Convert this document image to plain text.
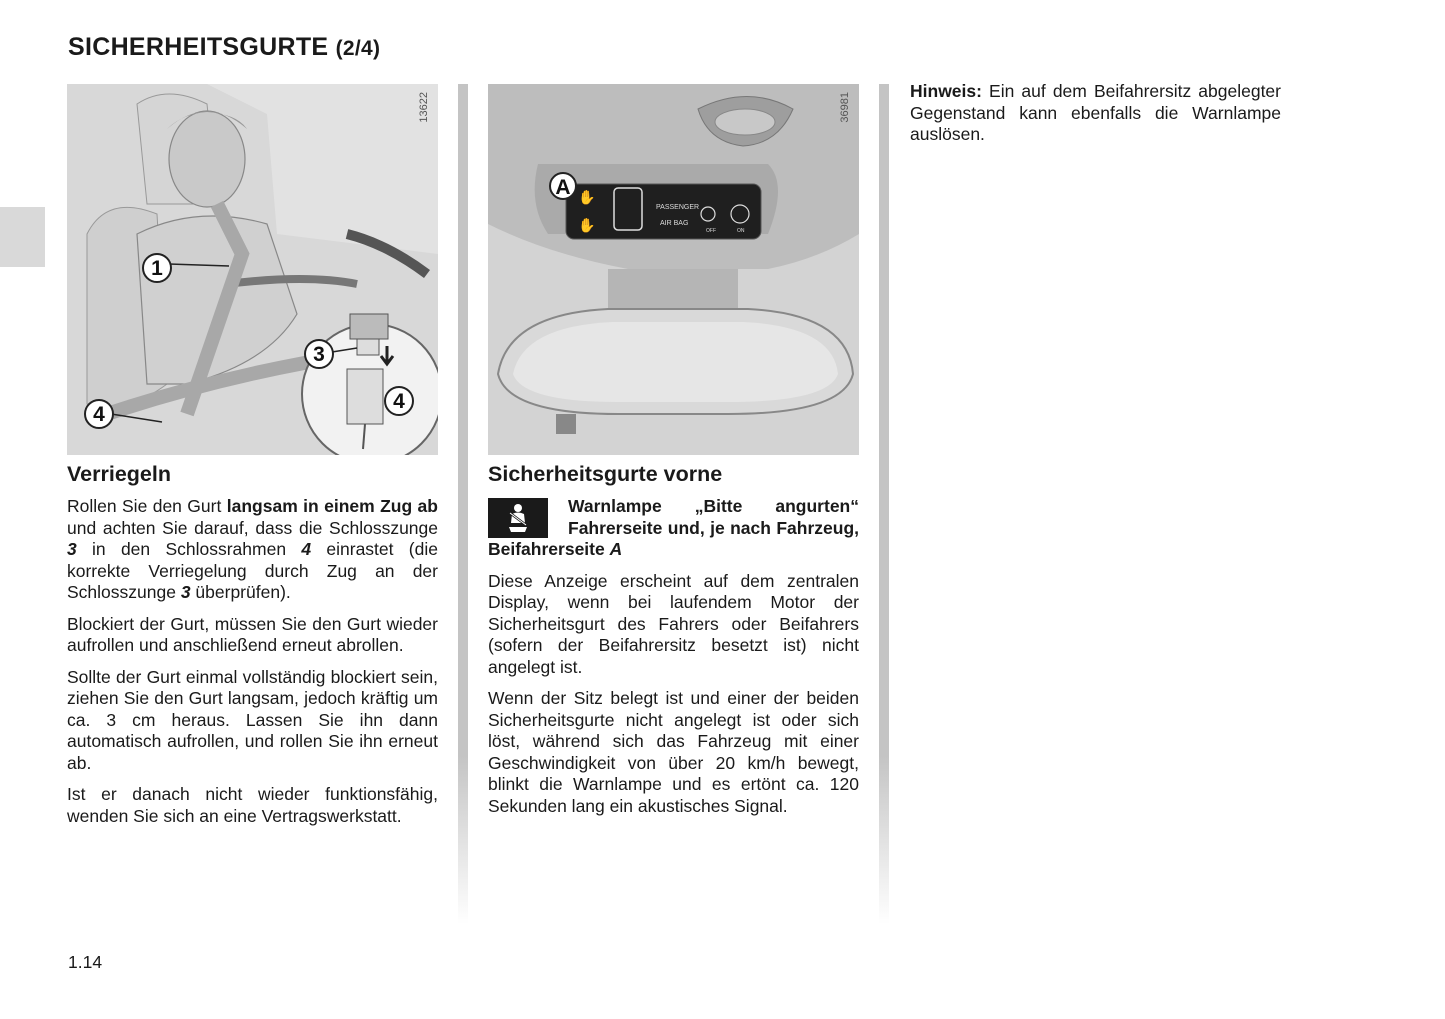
SICHERHEITSGURTE (2/4)
1
3
4
4
13622
✋
✋
PASSENGER
AIR BAG
OFF	ON
A
36981
Verriegeln

Rollen Sie den Gurt langsam in einem Zug ab und achten Sie darauf, dass die Schlosszunge 3 in den Schlossrahmen 4 einrastet (die korrekte Verriegelung durch Zug an der Schlosszunge 3 überprüfen).

Blockiert der Gurt, müssen Sie den Gurt wieder aufrollen und anschließend erneut abrollen.

Sollte der Gurt einmal vollständig blockiert sein, ziehen Sie den Gurt langsam, jedoch kräftig um ca. 3 cm heraus. Lassen Sie ihn dann automatisch aufrollen, und rollen Sie ihn erneut ab.

Ist er danach nicht wieder funktionsfähig, wenden Sie sich an eine Vertragswerkstatt.

Sicherheitsgurte vorne
Warnlampe „Bitte angurten“ Fahrerseite und, je nach Fahrzeug, Beifahrerseite A

Diese Anzeige erscheint auf dem zentralen Display, wenn bei laufendem Motor der Sicherheitsgurt des Fahrers oder Beifahrers (sofern der Beifahrersitz besetzt ist) nicht angelegt ist.

Wenn der Sitz belegt ist und einer der beiden Sicherheitsgurte nicht angelegt ist oder sich löst, während sich das Fahrzeug mit einer Geschwindigkeit von über 20 km/h bewegt, blinkt die Warnlampe und es ertönt ca. 120 Sekunden lang ein akustisches Signal.

Hinweis: Ein auf dem Beifahrersitz abgelegter Gegenstand kann ebenfalls die Warnlampe auslösen.

1.14
